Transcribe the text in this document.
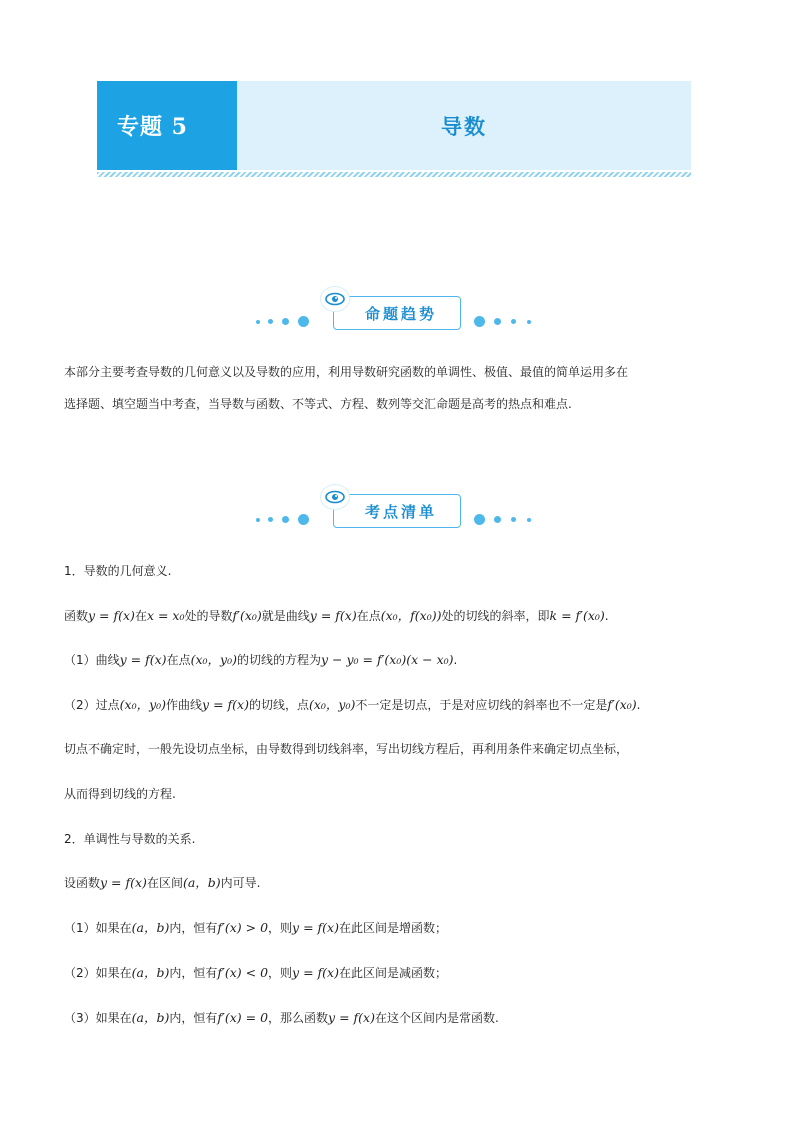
专题 5	导数
命题趋势
本部分主要考查导数的几何意义以及导数的应用，利用导数研究函数的单调性、极值、最值的简单运用多在
选择题、填空题当中考查，当导数与函数、不等式、方程、数列等交汇命题是高考的热点和难点.
考点清单
1．导数的几何意义.
函数y = f(x)在x = x₀处的导数f′(x₀)就是曲线y = f(x)在点(x₀，f(x₀))处的切线的斜率，即k = f′(x₀).
（1）曲线y = f(x)在点(x₀，y₀)的切线的方程为y − y₀ = f′(x₀)(x − x₀).
（2）过点(x₀，y₀)作曲线y = f(x)的切线，点(x₀，y₀)不一定是切点，于是对应切线的斜率也不一定是f′(x₀).
切点不确定时，一般先设切点坐标，由导数得到切线斜率，写出切线方程后，再利用条件来确定切点坐标，
从而得到切线的方程.
2．单调性与导数的关系.
设函数y = f(x)在区间(a，b)内可导.
（1）如果在(a，b)内，恒有f′(x) > 0，则y = f(x)在此区间是增函数；
（2）如果在(a，b)内，恒有f′(x) < 0，则y = f(x)在此区间是减函数；
（3）如果在(a，b)内，恒有f′(x) = 0，那么函数y = f(x)在这个区间内是常函数.
